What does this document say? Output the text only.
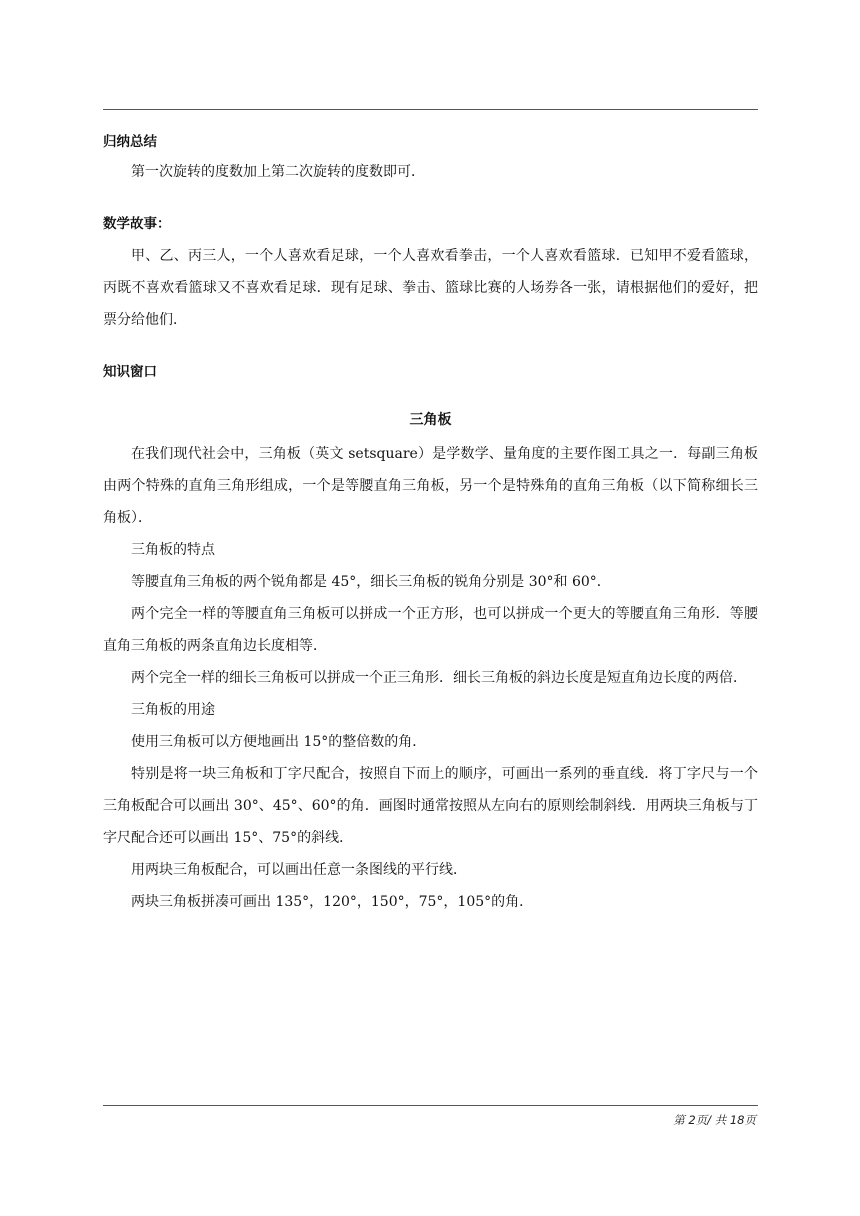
归纳总结

第一次旋转的度数加上第二次旋转的度数即可．

数学故事：

甲、乙、丙三人，一个人喜欢看足球，一个人喜欢看拳击，一个人喜欢看篮球．已知甲不爱看篮球，丙既不喜欢看篮球又不喜欢看足球．现有足球、拳击、篮球比赛的人场券各一张，请根据他们的爱好，把票分给他们．

知识窗口

三角板

在我们现代社会中，三角板（英文 setsquare）是学数学、量角度的主要作图工具之一．每副三角板由两个特殊的直角三角形组成，一个是等腰直角三角板，另一个是特殊角的直角三角板（以下简称细长三角板）．

三角板的特点

等腰直角三角板的两个锐角都是 45°，细长三角板的锐角分别是 30°和 60°．

两个完全一样的等腰直角三角板可以拼成一个正方形，也可以拼成一个更大的等腰直角三角形．等腰直角三角板的两条直角边长度相等．

两个完全一样的细长三角板可以拼成一个正三角形．细长三角板的斜边长度是短直角边长度的两倍．

三角板的用途

使用三角板可以方便地画出 15°的整倍数的角．

特别是将一块三角板和丁字尺配合，按照自下而上的顺序，可画出一系列的垂直线．将丁字尺与一个三角板配合可以画出 30°、45°、60°的角．画图时通常按照从左向右的原则绘制斜线．用两块三角板与丁字尺配合还可以画出 15°、75°的斜线．

用两块三角板配合，可以画出任意一条图线的平行线．

两块三角板拼凑可画出 135°，120°，150°，75°，105°的角．

第 2页/ 共 18页
